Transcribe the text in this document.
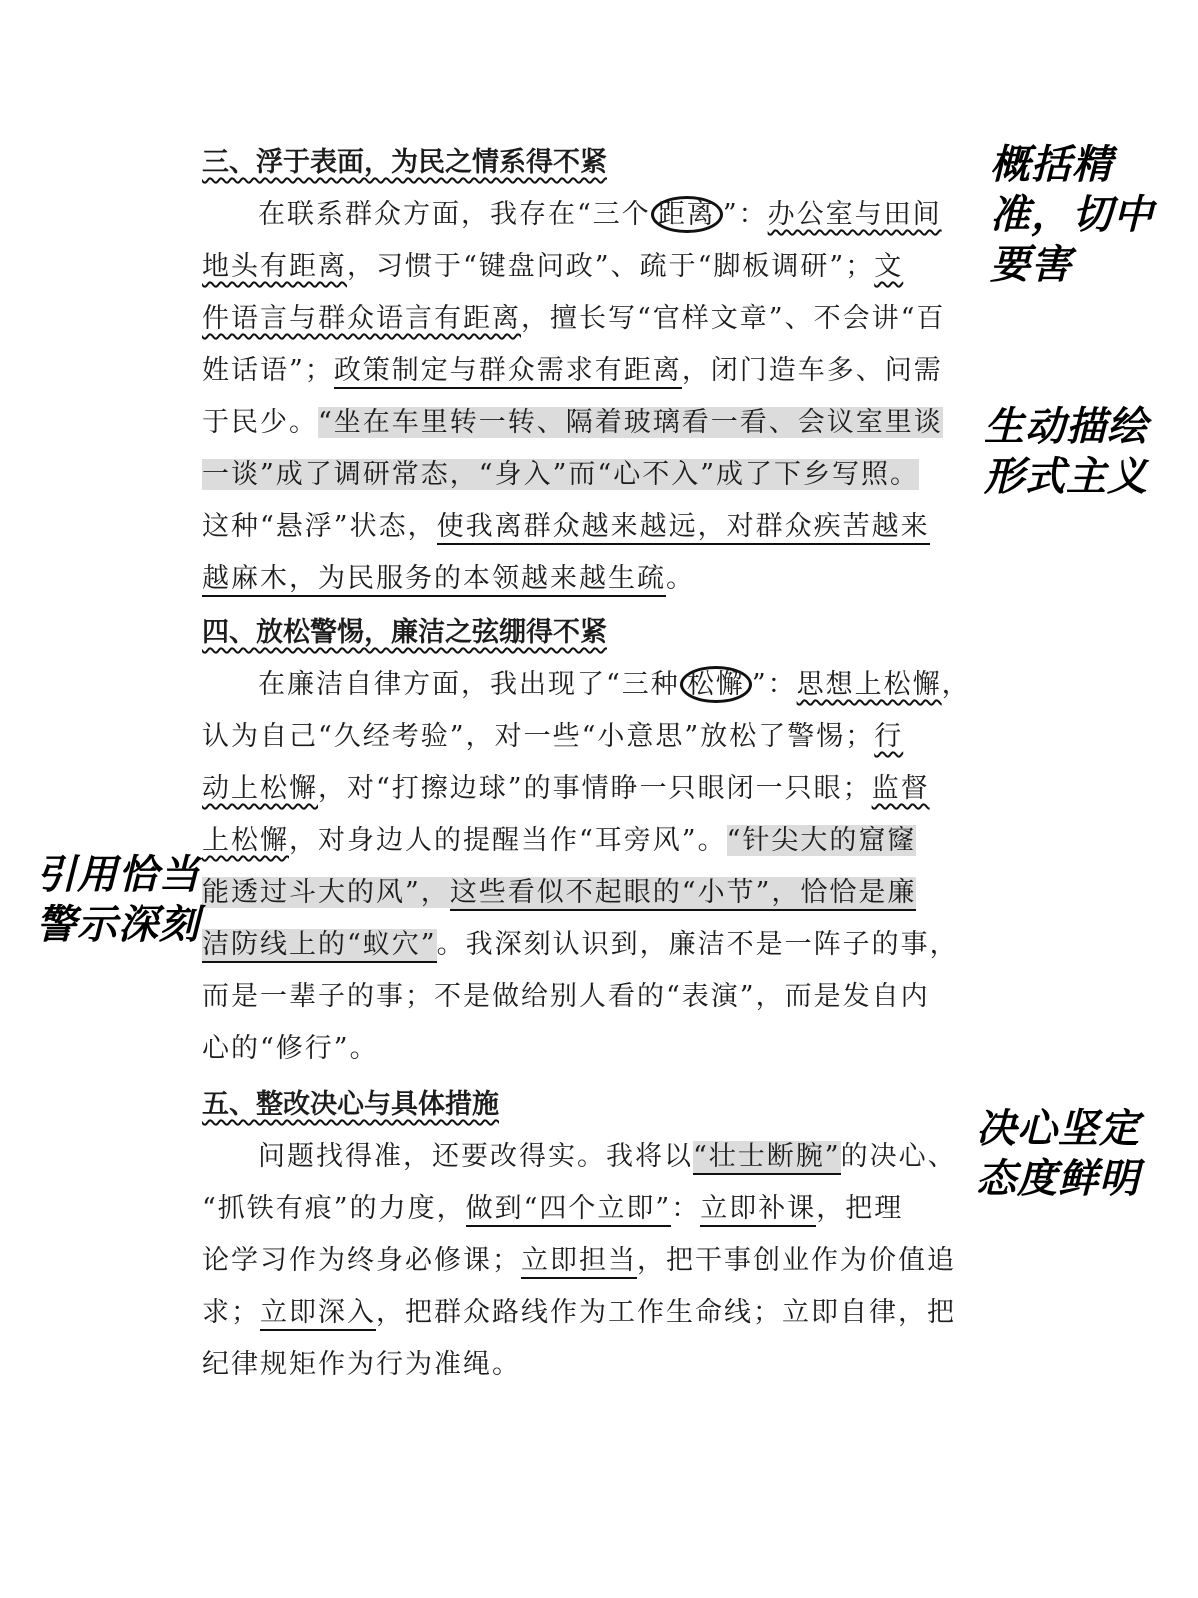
三、浮于表面，为民之情系得不紧
在联系群众方面，我存在“三个 距离 ”：办公室与田间
地头有距离，习惯于“键盘问政”、疏于“脚板调研”；文
件语言与群众语言有距离，擅长写“官样文章”、不会讲“百
姓话语”；政策制定与群众需求有距离，闭门造车多、问需
于民少。“坐在车里转一转、隔着玻璃看一看、会议室里谈
一谈”成了调研常态，“身入”而“心不入”成了下乡写照。
这种“悬浮”状态，使我离群众越来越远，对群众疾苦越来
越麻木，为民服务的本领越来越生疏。
四、放松警惕，廉洁之弦绷得不紧
在廉洁自律方面，我出现了“三种 松懈 ”：思想上松懈，
认为自己“久经考验”，对一些“小意思”放松了警惕；行
动上松懈，对“打擦边球”的事情睁一只眼闭一只眼；监督
上松懈，对身边人的提醒当作“耳旁风”。“针尖大的窟窿
能透过斗大的风”，这些看似不起眼的“小节”，恰恰是廉
洁防线上的“蚁穴”。我深刻认识到，廉洁不是一阵子的事，
而是一辈子的事；不是做给别人看的“表演”，而是发自内
心的“修行”。
五、整改决心与具体措施
问题找得准，还要改得实。我将以“壮士断腕”的决心、
“抓铁有痕”的力度，做到“四个立即”：立即补课，把理
论学习作为终身必修课；立即担当，把干事创业作为价值追
求；立即深入，把群众路线作为工作生命线；立即自律，把
纪律规矩作为行为准绳。
概括精
准，切中
要害
生动描绘
形式主义
引用恰当
警示深刻
决心坚定
态度鲜明
